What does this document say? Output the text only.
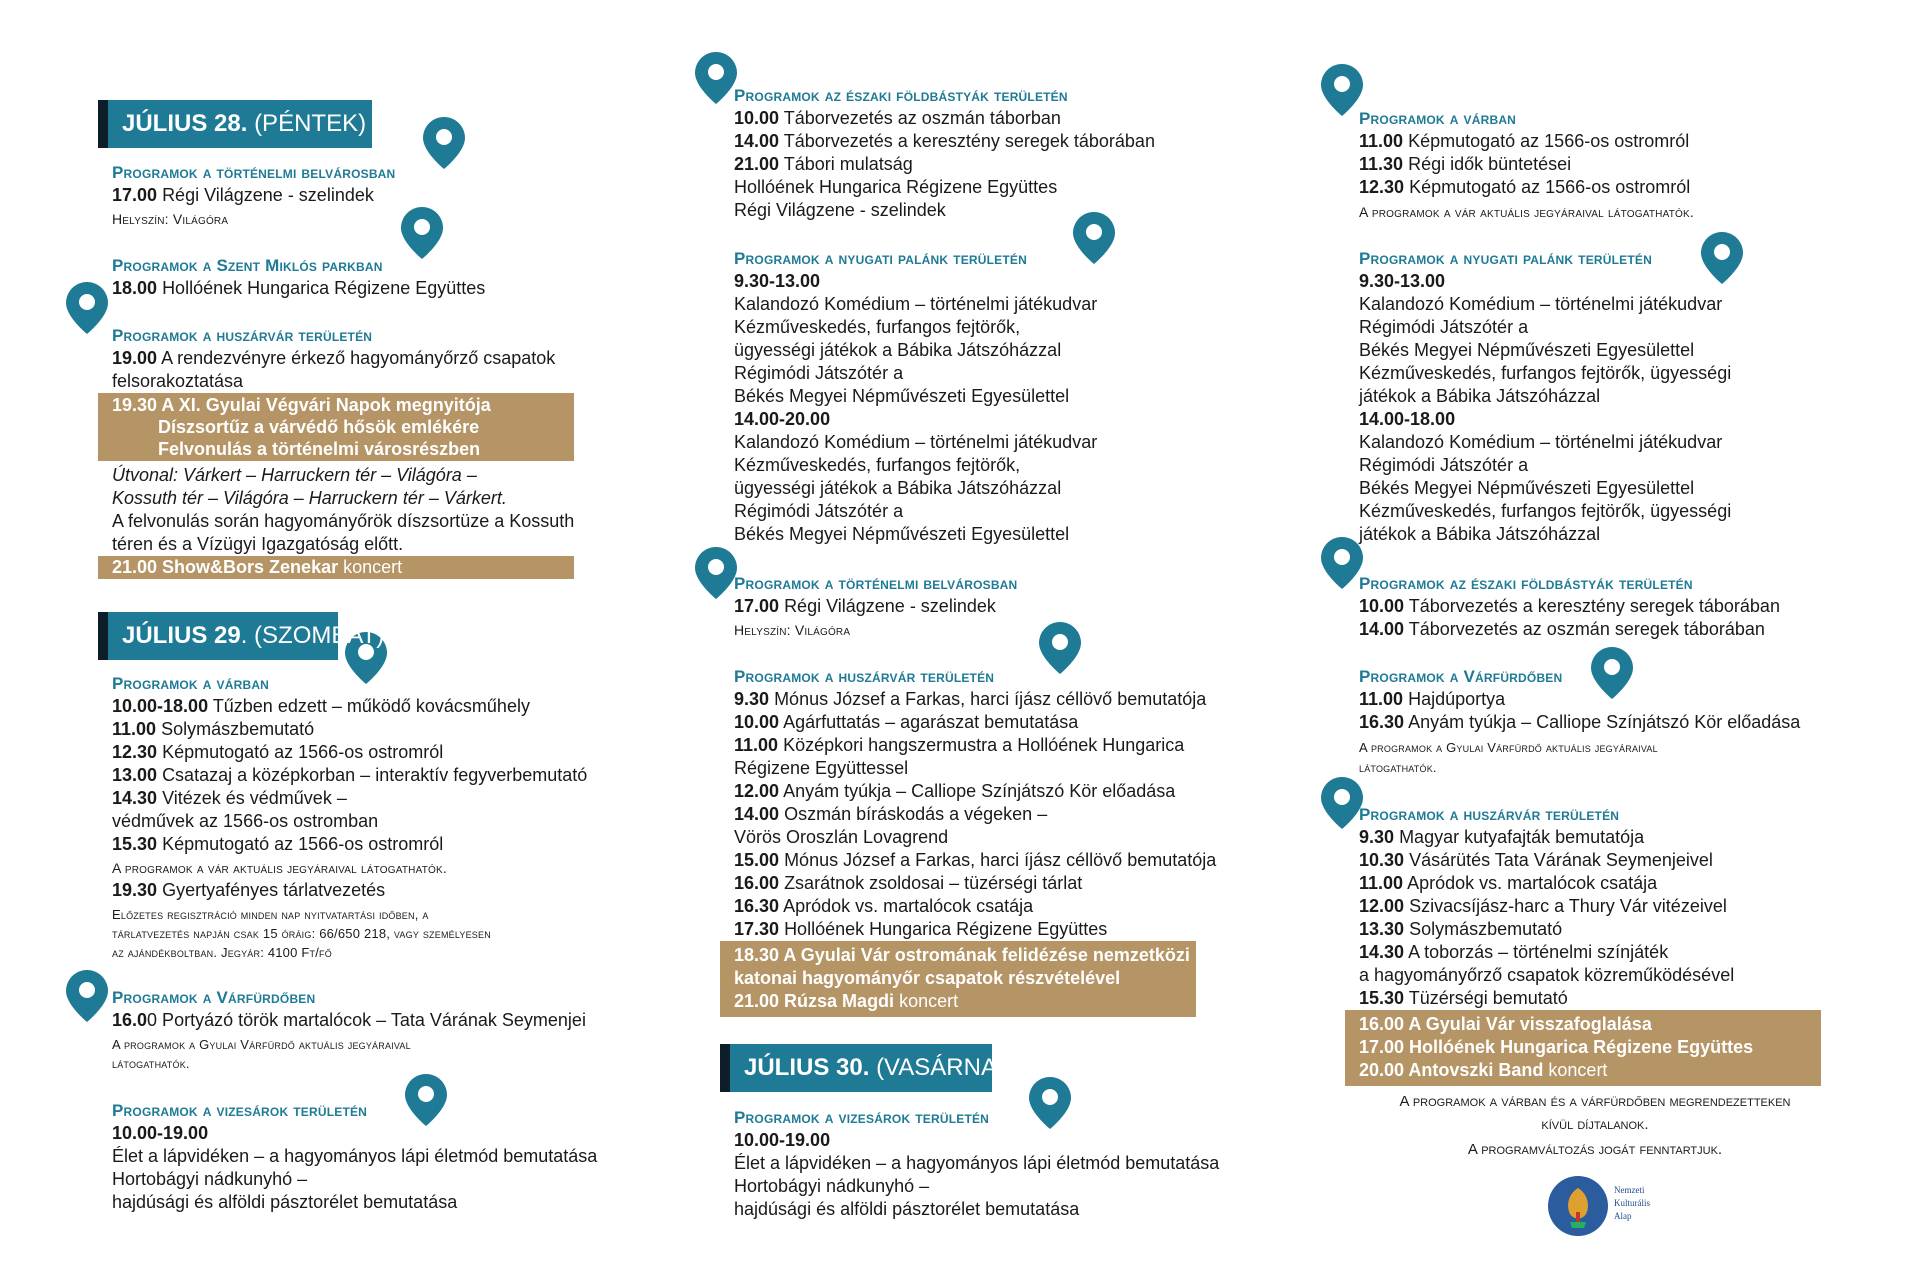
JÚLIUS 28. (PÉNTEK)
Programok a történelmi belvárosban
17.00 Régi Világzene - szelindek
Helyszín: Világóra
Programok a Szent Miklós parkban
18.00 Hollóének Hungarica Régizene Együttes
Programok a huszárvár területén
19.00 A rendezvényre érkező hagyományőrző csapatok
felsorakoztatása
19.30 A XI. Gyulai Végvári Napok megnyitója
Díszsortűz a várvédő hősök emlékére
Felvonulás a történelmi városrészben
Útvonal: Várkert – Harruckern tér – Világóra –
Kossuth tér – Világóra – Harruckern tér – Várkert.
A felvonulás során hagyományőrök díszsortüze a Kossuth
téren és a Vízügyi Igazgatóság előtt.
21.00 Show&Bors Zenekar koncert
JÚLIUS 29. (SZOMBAT)
Programok a várban
10.00-18.00 Tűzben edzett – működő kovácsműhely
11.00 Solymászbemutató
12.30 Képmutogató az 1566-os ostromról
13.00 Csatazaj a középkorban – interaktív fegyverbemutató
14.30 Vitézek és védművek –
védművek az 1566-os ostromban
15.30 Képmutogató az 1566-os ostromról
A programok a vár aktuális jegyáraival látogathatók.
19.30 Gyertyafényes tárlatvezetés
Előzetes regisztráció minden nap nyitvatartási időben, a
tárlatvezetés napján csak 15 óráig: 66/650 218, vagy személyesen
az ajándékboltban. Jegyár: 4100 Ft/fő
Programok a Várfürdőben
16.00 Portyázó török martalócok – Tata Várának Seymenjei
A programok a Gyulai Várfürdő aktuális jegyáraival
látogathatók.
Programok a vizesárok területén
10.00-19.00
Élet a lápvidéken – a hagyományos lápi életmód bemutatása
Hortobágyi nádkunyhó –
hajdúsági és alföldi pásztorélet bemutatása
Programok az északi földbástyák területén
10.00 Táborvezetés az oszmán táborban
14.00 Táborvezetés a keresztény seregek táborában
21.00 Tábori mulatság
Hollóének Hungarica Régizene Együttes
Régi Világzene - szelindek
Programok a nyugati palánk területén
9.30-13.00
Kalandozó Komédium – történelmi játékudvar
Kézműveskedés, furfangos fejtörők,
ügyességi játékok a Bábika Játszóházzal
Régimódi Játszótér a
Békés Megyei Népművészeti Egyesülettel
14.00-20.00
Kalandozó Komédium – történelmi játékudvar
Kézműveskedés, furfangos fejtörők,
ügyességi játékok a Bábika Játszóházzal
Régimódi Játszótér a
Békés Megyei Népművészeti Egyesülettel
Programok a történelmi belvárosban
17.00 Régi Világzene - szelindek
Helyszín: Világóra
Programok a huszárvár területén
9.30 Mónus József a Farkas, harci íjász céllövő bemutatója
10.00 Agárfuttatás – agarászat bemutatása
11.00 Középkori hangszermustra a Hollóének Hungarica
Régizene Együttessel
12.00 Anyám tyúkja – Calliope Színjátszó Kör előadása
14.00 Oszmán bíráskodás a végeken –
Vörös Oroszlán Lovagrend
15.00 Mónus József a Farkas, harci íjász céllövő bemutatója
16.00 Zsarátnok zsoldosai – tüzérségi tárlat
16.30 Apródok vs. martalócok csatája
17.30 Hollóének Hungarica Régizene Együttes
18.30 A Gyulai Vár ostromának felidézése nemzetközi
katonai hagyományőr csapatok részvételével
21.00 Rúzsa Magdi koncert
JÚLIUS 30. (VASÁRNAP)
Programok a vizesárok területén
10.00-19.00
Élet a lápvidéken – a hagyományos lápi életmód bemutatása
Hortobágyi nádkunyhó –
hajdúsági és alföldi pásztorélet bemutatása
Programok a várban
11.00 Képmutogató az 1566-os ostromról
11.30 Régi idők büntetései
12.30 Képmutogató az 1566-os ostromról
A programok a vár aktuális jegyáraival látogathatók.
Programok a nyugati palánk területén
9.30-13.00
Kalandozó Komédium – történelmi játékudvar
Régimódi Játszótér a
Békés Megyei Népművészeti Egyesülettel
Kézműveskedés, furfangos fejtörők, ügyességi
játékok a Bábika Játszóházzal
14.00-18.00
Kalandozó Komédium – történelmi játékudvar
Régimódi Játszótér a
Békés Megyei Népművészeti Egyesülettel
Kézműveskedés, furfangos fejtörők, ügyességi
játékok a Bábika Játszóházzal
Programok az északi földbástyák területén
10.00 Táborvezetés a keresztény seregek táborában
14.00 Táborvezetés az oszmán seregek táborában
Programok a Várfürdőben
11.00 Hajdúportya
16.30 Anyám tyúkja – Calliope Színjátszó Kör előadása
A programok a Gyulai Várfürdő aktuális jegyáraival
látogathatók.
Programok a huszárvár területén
9.30 Magyar kutyafajták bemutatója
10.30 Vásárütés Tata Várának Seymenjeivel
11.00 Apródok vs. martalócok csatája
12.00 Szivacsíjász-harc a Thury Vár vitézeivel
13.30 Solymászbemutató
14.30 A toborzás – történelmi színjáték
a hagyományőrző csapatok közreműködésével
15.30 Tüzérségi bemutató
16.00 A Gyulai Vár visszafoglalása
17.00 Hollóének Hungarica Régizene Együttes
20.00 Antovszki Band koncert
A programok a várban és a várfürdőben megrendezetteken
kívül díjtalanok.
A programváltozás jogát fenntartjuk.
Nemzeti
Kulturális
Alap
